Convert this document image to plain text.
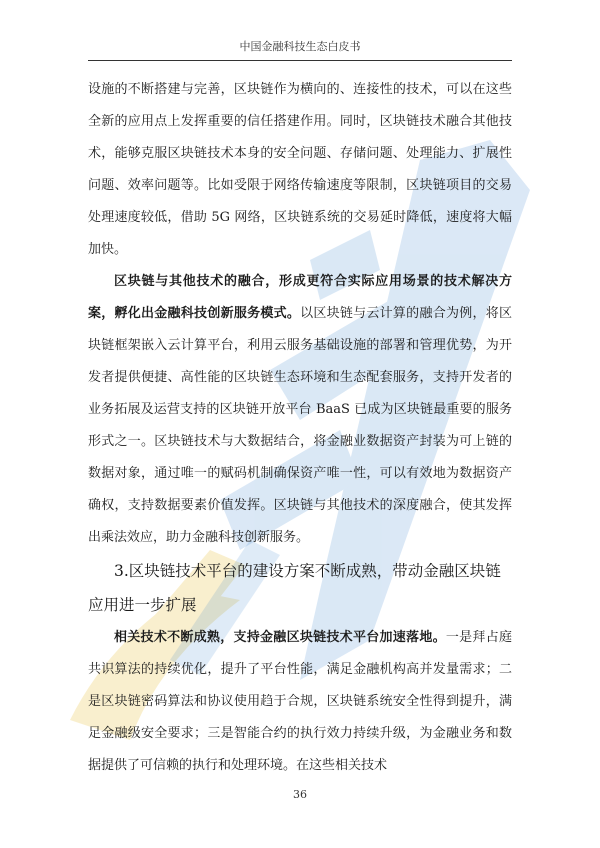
中国金融科技生态白皮书

设施的不断搭建与完善，区块链作为横向的、连接性的技术，可以在这些全新的应用点上发挥重要的信任搭建作用。同时，区块链技术融合其他技术，能够克服区块链技术本身的安全问题、存储问题、处理能力、扩展性问题、效率问题等。比如受限于网络传输速度等限制，区块链项目的交易处理速度较低，借助 5G 网络，区块链系统的交易延时降低，速度将大幅加快。

区块链与其他技术的融合，形成更符合实际应用场景的技术解决方案，孵化出金融科技创新服务模式。以区块链与云计算的融合为例，将区块链框架嵌入云计算平台，利用云服务基础设施的部署和管理优势，为开发者提供便捷、高性能的区块链生态环境和生态配套服务，支持开发者的业务拓展及运营支持的区块链开放平台 BaaS 已成为区块链最重要的服务形式之一。区块链技术与大数据结合，将金融业数据资产封装为可上链的数据对象，通过唯一的赋码机制确保资产唯一性，可以有效地为数据资产确权，支持数据要素价值发挥。区块链与其他技术的深度融合，使其发挥出乘法效应，助力金融科技创新服务。

3.区块链技术平台的建设方案不断成熟，带动金融区块链应用进一步扩展

相关技术不断成熟，支持金融区块链技术平台加速落地。一是拜占庭共识算法的持续优化，提升了平台性能，满足金融机构高并发量需求；二是区块链密码算法和协议使用趋于合规，区块链系统安全性得到提升，满足金融级安全要求；三是智能合约的执行效力持续升级，为金融业务和数据提供了可信赖的执行和处理环境。在这些相关技术

36
